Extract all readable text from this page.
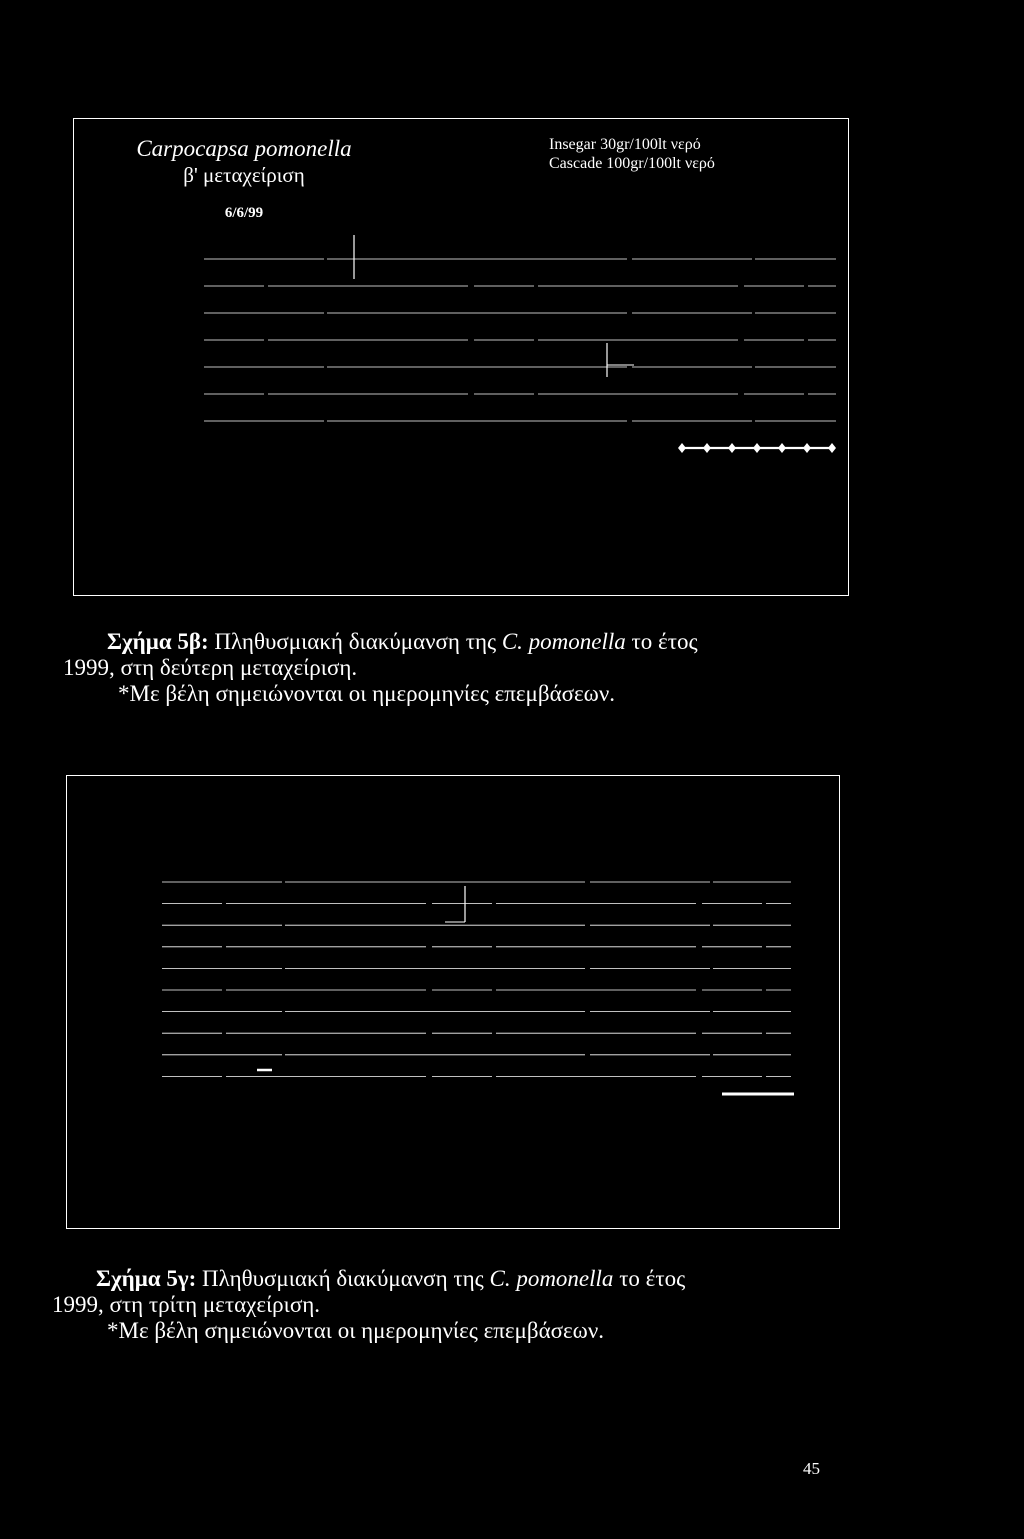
Carpocapsa pomonella
β' μεταχείριση
6/6/99
Insegar 30gr/100lt νερό
Cascade 100gr/100lt νερό
Σχήμα 5β: Πληθυσμιακή διακύμανση της C. pomonella το έτος
1999, στη δεύτερη μεταχείριση.
*Με βέλη σημειώνονται οι ημερομηνίες επεμβάσεων.
Σχήμα 5γ: Πληθυσμιακή διακύμανση της C. pomonella το έτος
1999, στη τρίτη μεταχείριση.
*Με βέλη σημειώνονται οι ημερομηνίες επεμβάσεων.
45
